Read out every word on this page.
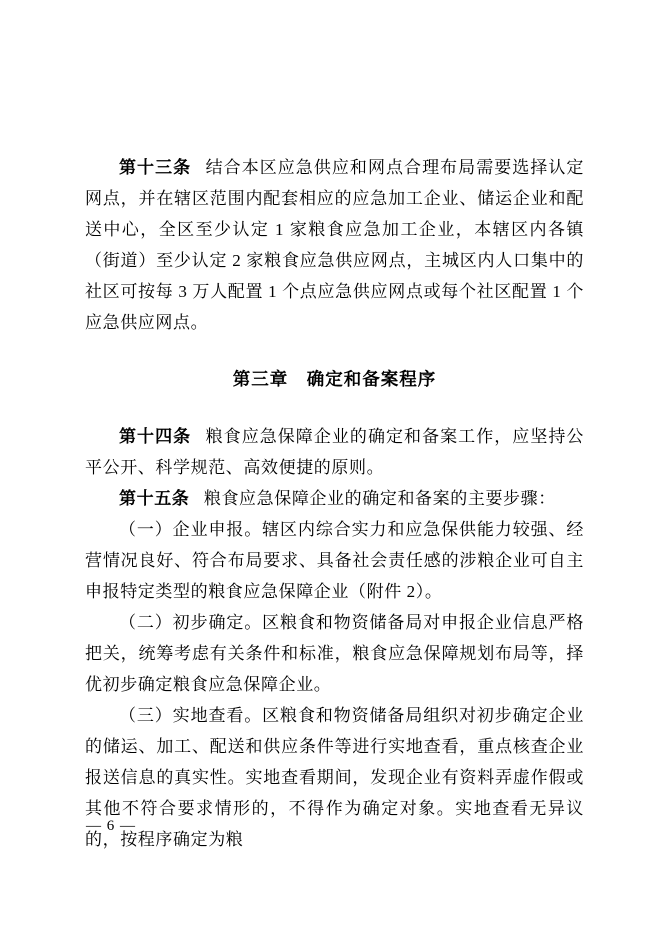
第十三条 结合本区应急供应和网点合理布局需要选择认定网点，并在辖区范围内配套相应的应急加工企业、储运企业和配送中心，全区至少认定 1 家粮食应急加工企业，本辖区内各镇（街道）至少认定 2 家粮食应急供应网点，主城区内人口集中的社区可按每 3 万人配置 1 个点应急供应网点或每个社区配置 1 个应急供应网点。

第三章　确定和备案程序

第十四条 粮食应急保障企业的确定和备案工作，应坚持公平公开、科学规范、高效便捷的原则。

第十五条 粮食应急保障企业的确定和备案的主要步骤：

（一）企业申报。辖区内综合实力和应急保供能力较强、经营情况良好、符合布局要求、具备社会责任感的涉粮企业可自主申报特定类型的粮食应急保障企业（附件 2）。

（二）初步确定。区粮食和物资储备局对申报企业信息严格把关，统筹考虑有关条件和标准，粮食应急保障规划布局等，择优初步确定粮食应急保障企业。

（三）实地查看。区粮食和物资储备局组织对初步确定企业的储运、加工、配送和供应条件等进行实地查看，重点核查企业报送信息的真实性。实地查看期间，发现企业有资料弄虚作假或其他不符合要求情形的，不得作为确定对象。实地查看无异议的，按程序确定为粮

— 6 —
